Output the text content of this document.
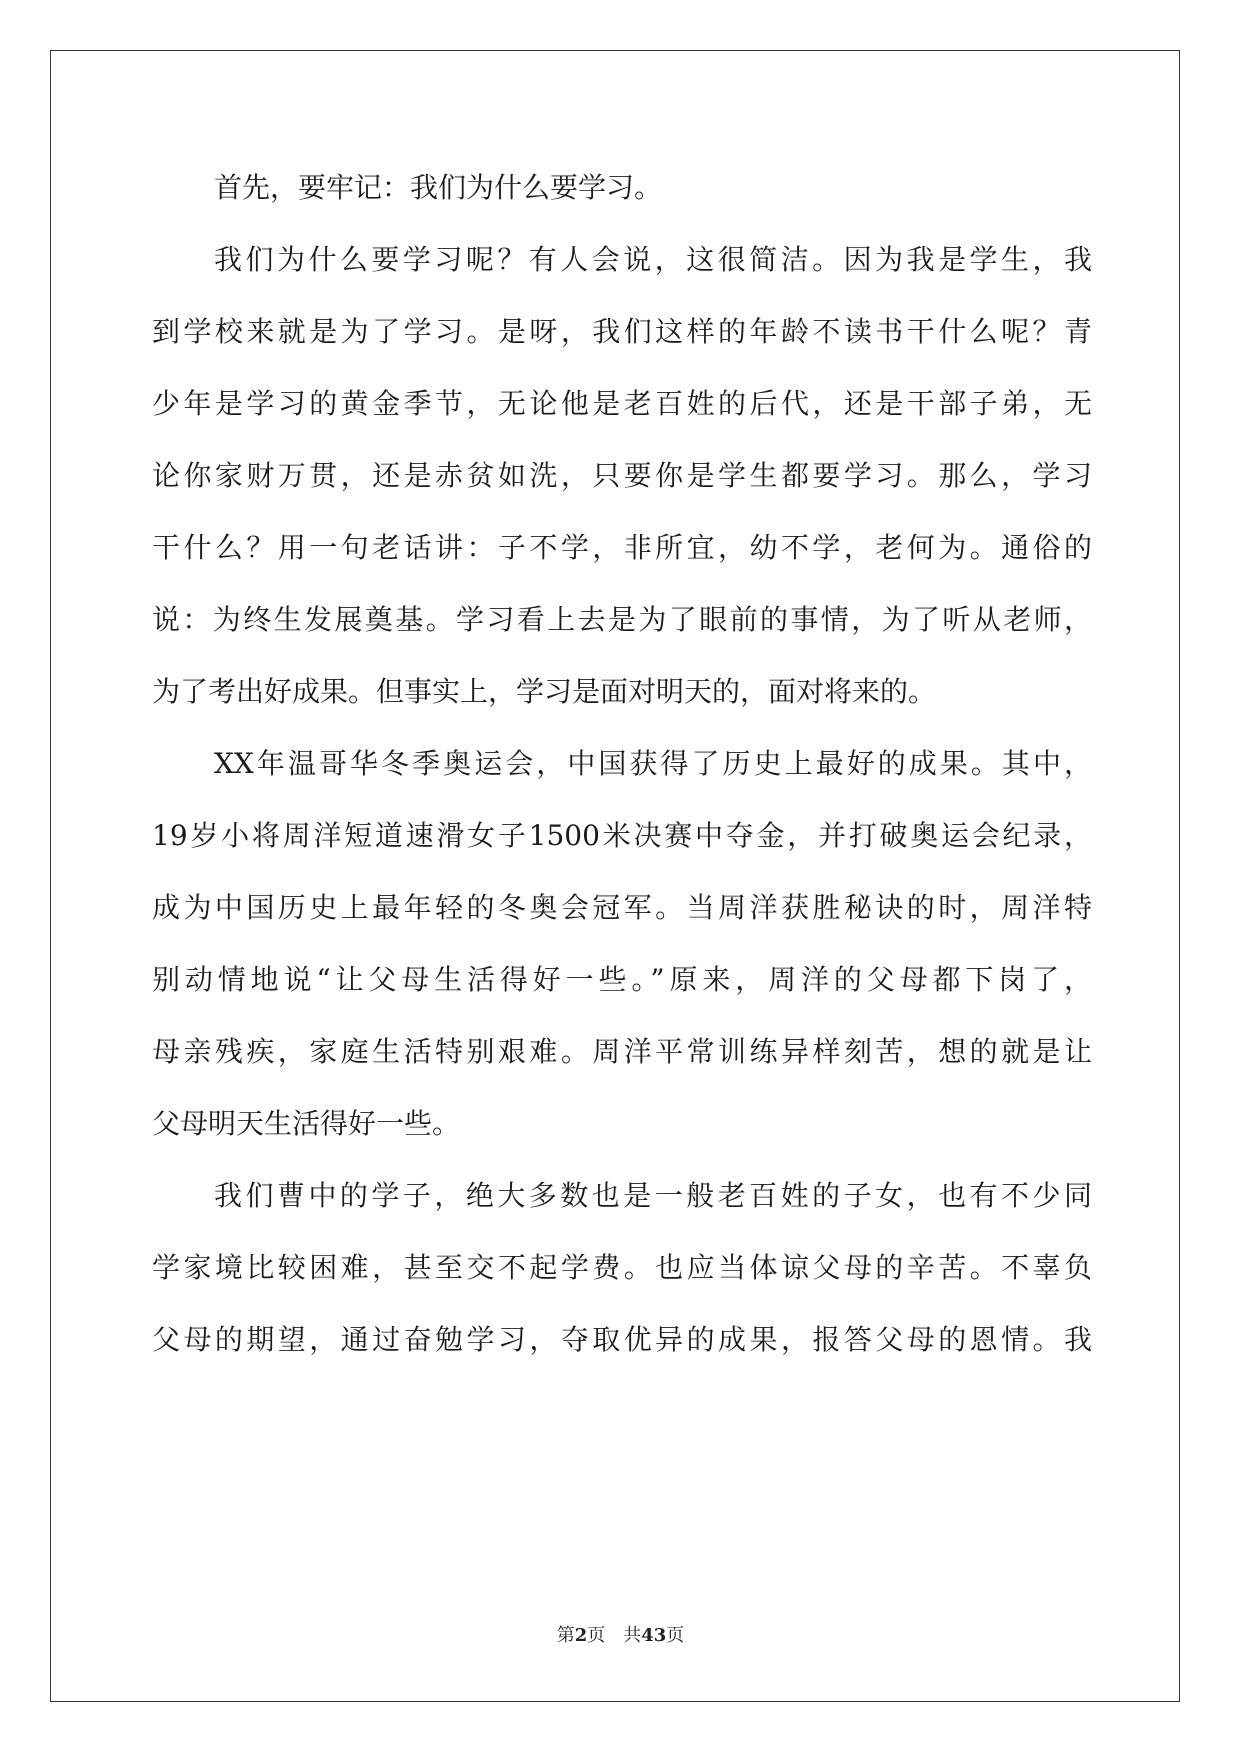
首先，要牢记：我们为什么要学习。
我们为什么要学习呢？有人会说，这很简洁。因为我是学生，我
到学校来就是为了学习。是呀，我们这样的年龄不读书干什么呢？青
少年是学习的黄金季节，无论他是老百姓的后代，还是干部子弟，无
论你家财万贯，还是赤贫如洗，只要你是学生都要学习。那么，学习
干什么？用一句老话讲：子不学，非所宜，幼不学，老何为。通俗的
说：为终生发展奠基。学习看上去是为了眼前的事情，为了听从老师，
为了考出好成果。但事实上，学习是面对明天的，面对将来的。
XX年温哥华冬季奥运会，中国获得了历史上最好的成果。其中，
19岁小将周洋短道速滑女子1500米决赛中夺金，并打破奥运会纪录，
成为中国历史上最年轻的冬奥会冠军。当周洋获胜秘诀的时，周洋特
别动情地说“让父母生活得好一些。”原来，周洋的父母都下岗了，
母亲残疾，家庭生活特别艰难。周洋平常训练异样刻苦，想的就是让
父母明天生活得好一些。
我们曹中的学子，绝大多数也是一般老百姓的子女，也有不少同
学家境比较困难，甚至交不起学费。也应当体谅父母的辛苦。不辜负
父母的期望，通过奋勉学习，夺取优异的成果，报答父母的恩情。我
第2页 共43页
